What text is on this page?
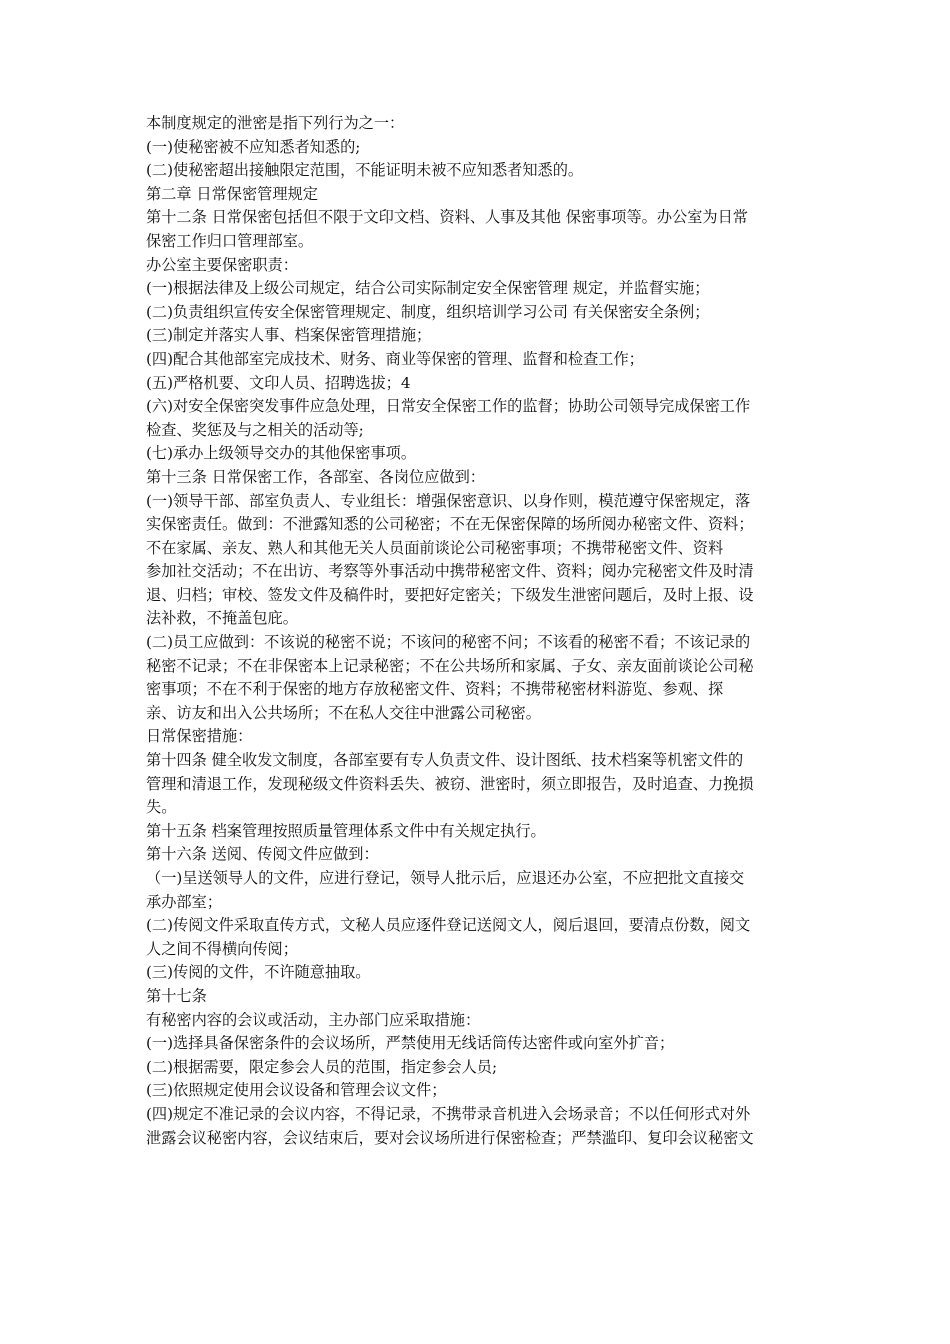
本制度规定的泄密是指下列行为之一：
(一)使秘密被不应知悉者知悉的;
(二)使秘密超出接触限定范围，不能证明未被不应知悉者知悉的。
第二章 日常保密管理规定
第十二条 日常保密包括但不限于文印文档、资料、人事及其他 保密事项等。办公室为日常
保密工作归口管理部室。
办公室主要保密职责：
(一)根据法律及上级公司规定，结合公司实际制定安全保密管理 规定，并监督实施；
(二)负责组织宣传安全保密管理规定、制度，组织培训学习公司 有关保密安全条例；
(三)制定并落实人事、档案保密管理措施；
(四)配合其他部室完成技术、财务、商业等保密的管理、监督和检查工作；
(五)严格机要、文印人员、招聘选拔；4
(六)对安全保密突发事件应急处理，日常安全保密工作的监督；协助公司领导完成保密工作
检查、奖惩及与之相关的活动等;
(七)承办上级领导交办的其他保密事项。
第十三条 日常保密工作，各部室、各岗位应做到：
(一)领导干部、部室负责人、专业组长：增强保密意识、以身作则，模范遵守保密规定，落
实保密责任。做到：不泄露知悉的公司秘密；不在无保密保障的场所阅办秘密文件、资料；
不在家属、亲友、熟人和其他无关人员面前谈论公司秘密事项；不携带秘密文件、资料
参加社交活动；不在出访、考察等外事活动中携带秘密文件、资料；阅办完秘密文件及时清
退、归档；审校、签发文件及稿件时，要把好定密关；下级发生泄密问题后，及时上报、设
法补救，不掩盖包庇。
(二)员工应做到：不该说的秘密不说；不该问的秘密不问；不该看的秘密不看；不该记录的
秘密不记录；不在非保密本上记录秘密；不在公共场所和家属、子女、亲友面前谈论公司秘
密事项；不在不利于保密的地方存放秘密文件、资料；不携带秘密材料游览、参观、探
亲、访友和出入公共场所；不在私人交往中泄露公司秘密。
日常保密措施：
第十四条 健全收发文制度，各部室要有专人负责文件、设计图纸、技术档案等机密文件的
管理和清退工作，发现秘级文件资料丢失、被窃、泄密时，须立即报告，及时追查、力挽损
失。
第十五条 档案管理按照质量管理体系文件中有关规定执行。
第十六条 送阅、传阅文件应做到：
（一)呈送领导人的文件，应进行登记，领导人批示后，应退还办公室，不应把批文直接交
承办部室；
(二)传阅文件采取直传方式，文秘人员应逐件登记送阅文人，阅后退回，要清点份数，阅文
人之间不得横向传阅；
(三)传阅的文件，不许随意抽取。
第十七条
有秘密内容的会议或活动，主办部门应采取措施：
(一)选择具备保密条件的会议场所，严禁使用无线话筒传达密件或向室外扩音；
(二)根据需要，限定参会人员的范围，指定参会人员;
(三)依照规定使用会议设备和管理会议文件；
(四)规定不准记录的会议内容，不得记录，不携带录音机进入会场录音；不以任何形式对外
泄露会议秘密内容，会议结束后，要对会议场所进行保密检查；严禁滥印、复印会议秘密文
